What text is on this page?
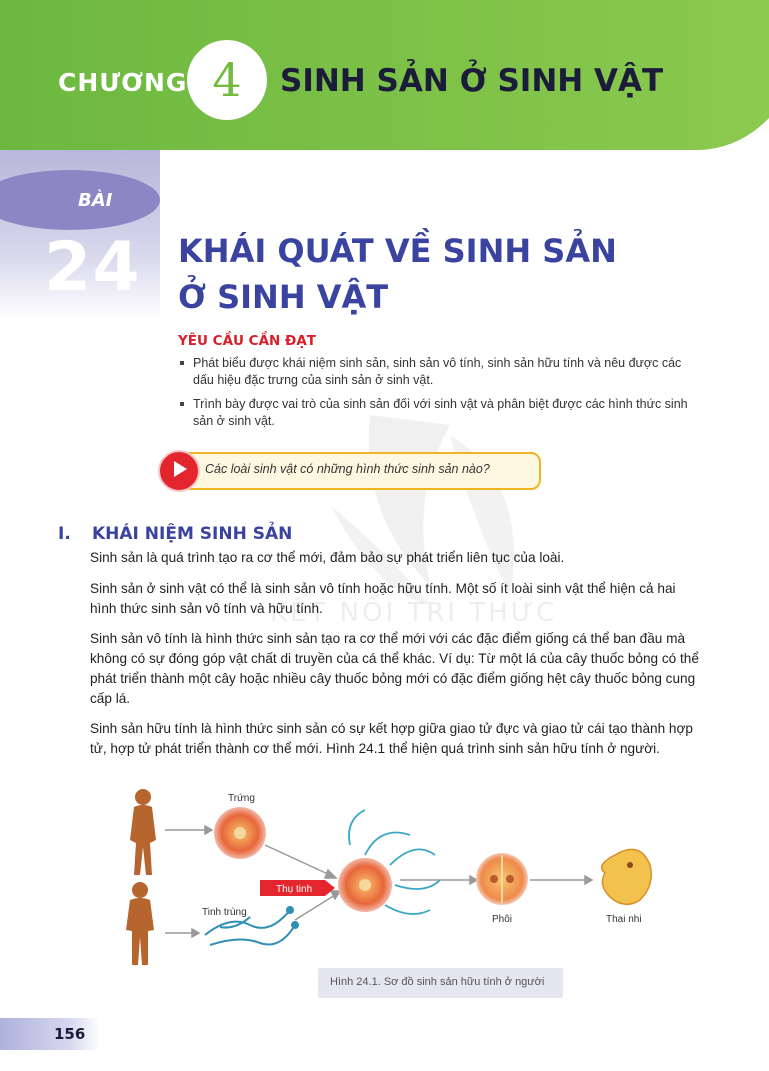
CHƯƠNG 4	SINH SẢN Ở SINH VẬT
BÀI
24 KHÁI QUÁT VỀ SINH SẢN
Ở SINH VẬT
KẾT NỐI TRI THỨC
YÊU CẦU CẦN ĐẠT
Phát biểu được khái niệm sinh sản, sinh sản vô tính, sinh sản hữu tính và nêu được các dấu hiệu đặc trưng của sinh sản ở sinh vật.
Trình bày được vai trò của sinh sản đối với sinh vật và phân biệt được các hình thức sinh sản ở sinh vật.
Các loài sinh vật có những hình thức sinh sản nào?
I. KHÁI NIỆM SINH SẢN
Sinh sản là quá trình tạo ra cơ thể mới, đảm bảo sự phát triển liên tục của loài.
Sinh sản ở sinh vật có thể là sinh sản vô tính hoặc hữu tính. Một số ít loài sinh vật thể hiện cả hai hình thức sinh sản vô tính và hữu tính.
Sinh sản vô tính là hình thức sinh sản tạo ra cơ thể mới với các đặc điểm giống cá thể ban đầu mà không có sự đóng góp vật chất di truyền của cá thể khác. Ví dụ: Từ một lá của cây thuốc bỏng có thể phát triển thành một cây hoặc nhiều cây thuốc bỏng mới có đặc điểm giống hệt cây thuốc bỏng cung cấp lá.
Sinh sản hữu tính là hình thức sinh sản có sự kết hợp giữa giao tử đực và giao tử cái tạo thành hợp tử, hợp tử phát triển thành cơ thể mới. Hình 24.1 thể hiện quá trình sinh sản hữu tính ở người.
Trứng
Tinh trùng
Thụ tinh
Phôi	Thai nhi
Hình 24.1. Sơ đồ sinh sản hữu tính ở người
156
